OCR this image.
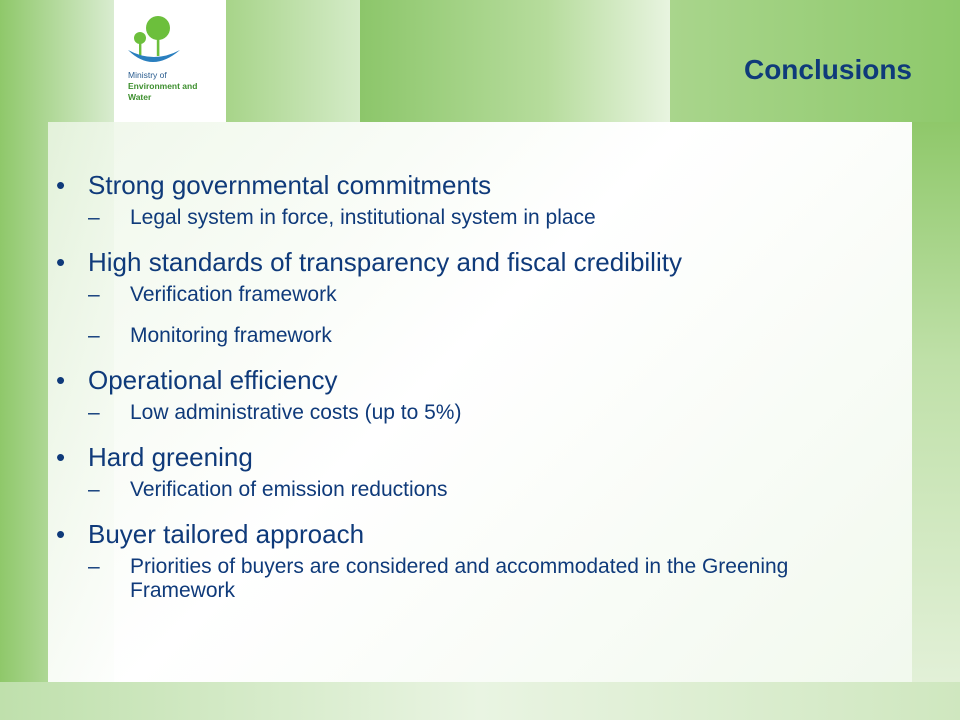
Ministry of
Environment and
Water
Conclusions
• Strong governmental commitments
– Legal system in force, institutional system in place
• High standards of transparency and fiscal credibility
– Verification framework
– Monitoring framework
• Operational efficiency
– Low administrative costs (up to 5%)
• Hard greening
– Verification of emission reductions
• Buyer tailored approach
– Priorities of buyers are considered and accommodated in the Greening Framework
